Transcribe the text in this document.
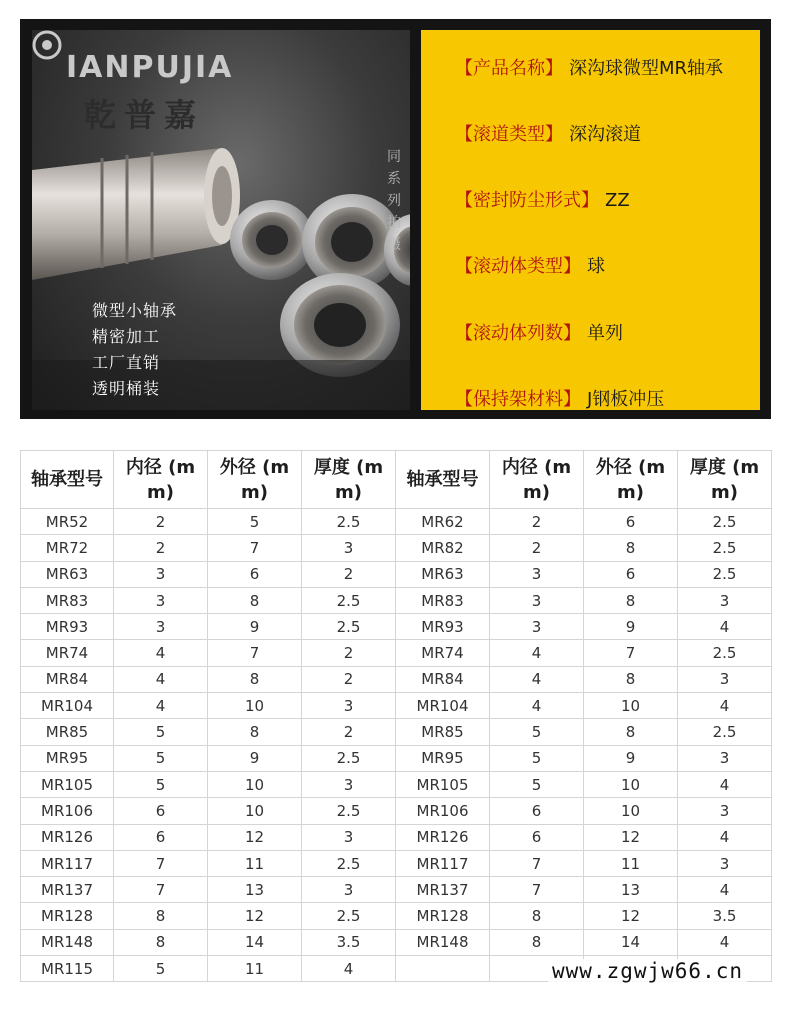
IANPUJIA
乾普嘉
同
系
列
拍
摄
微型小轴承
精密加工
工厂直销
透明桶装
【产品名称】 深沟球微型MR轴承
【滚道类型】 深沟滚道
【密封防尘形式】 ZZ
【滚动体类型】 球
【滚动体列数】 单列
【保持架材料】 J钢板冲压
轴承型号	内径 (m m)	外径 (m m)	厚度 (m m)	轴承型号	内径 (m m)	外径 (m m)	厚度 (m m)
MR52	2	5	2.5	MR62	2	6	2.5
MR72	2	7	3	MR82	2	8	2.5
MR63	3	6	2	MR63	3	6	2.5
MR83	3	8	2.5	MR83	3	8	3
MR93	3	9	2.5	MR93	3	9	4
MR74	4	7	2	MR74	4	7	2.5
MR84	4	8	2	MR84	4	8	3
MR104	4	10	3	MR104	4	10	4
MR85	5	8	2	MR85	5	8	2.5
MR95	5	9	2.5	MR95	5	9	3
MR105	5	10	3	MR105	5	10	4
MR106	6	10	2.5	MR106	6	10	3
MR126	6	12	3	MR126	6	12	4
MR117	7	11	2.5	MR117	7	11	3
MR137	7	13	3	MR137	7	13	4
MR128	8	12	2.5	MR128	8	12	3.5
MR148	8	14	3.5	MR148	8	14	4
MR115	5	11	4					www.zgwjw66.cn
